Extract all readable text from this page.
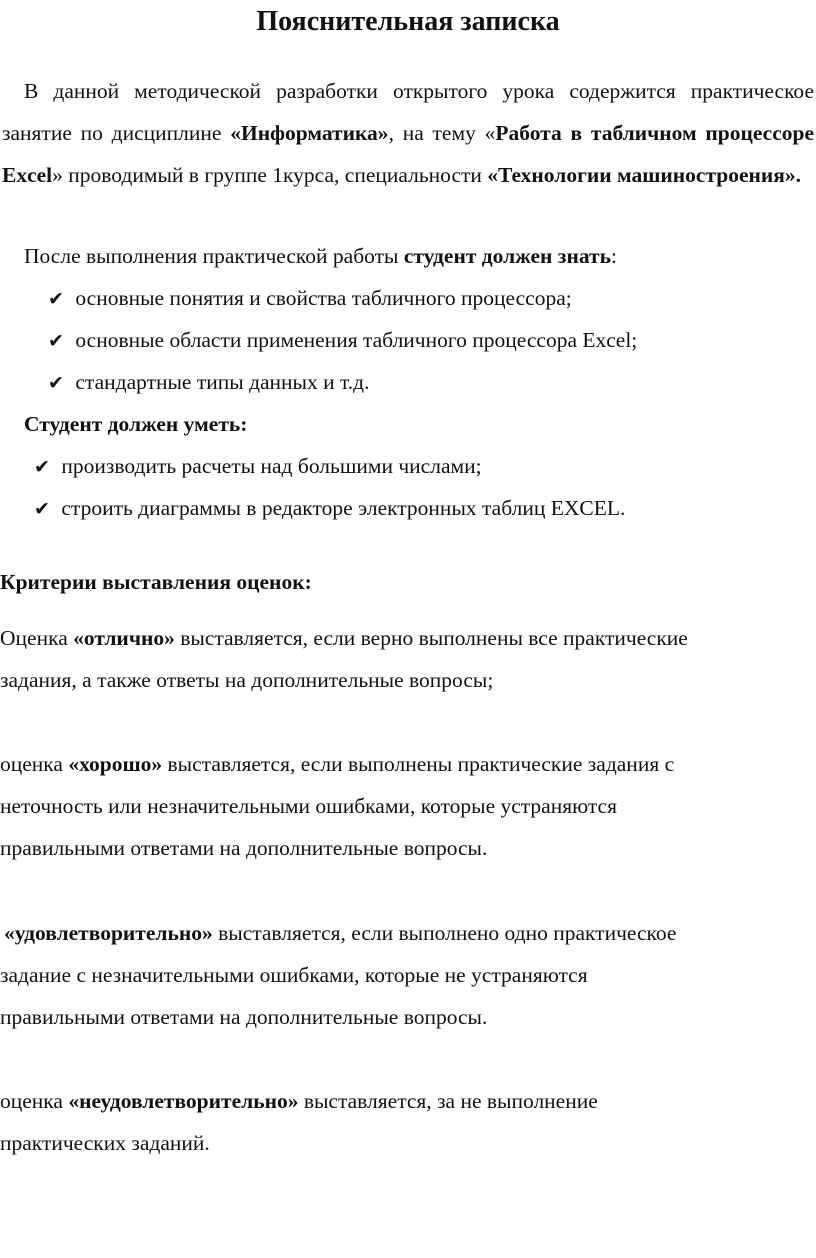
Пояснительная записка

В данной методической разработки открытого урока содержится практическое занятие по дисциплине «Информатика», на тему «Работа в табличном процессоре Excel» проводимый в группе 1курса, специальности «Технологии машиностроения».

После выполнения практической работы студент должен знать:
✔ основные понятия и свойства табличного процессора;
✔ основные области применения табличного процессора Excel;
✔ стандартные типы данных и т.д.
Студент должен уметь:
✔ производить расчеты над большими числами;
✔ строить диаграммы в редакторе электронных таблиц EXCEL.
Критерии выставления оценок:
Оценка «отлично» выставляется, если верно выполнены все практические
задания, а также ответы на дополнительные вопросы;
оценка «хорошо» выставляется, если выполнены практические задания с
неточность или незначительными ошибками, которые устраняются
правильными ответами на дополнительные вопросы.
«удовлетворительно» выставляется, если выполнено одно практическое
задание с незначительными ошибками, которые не устраняются
правильными ответами на дополнительные вопросы.
оценка «неудовлетворительно» выставляется, за не выполнение
практических заданий.
